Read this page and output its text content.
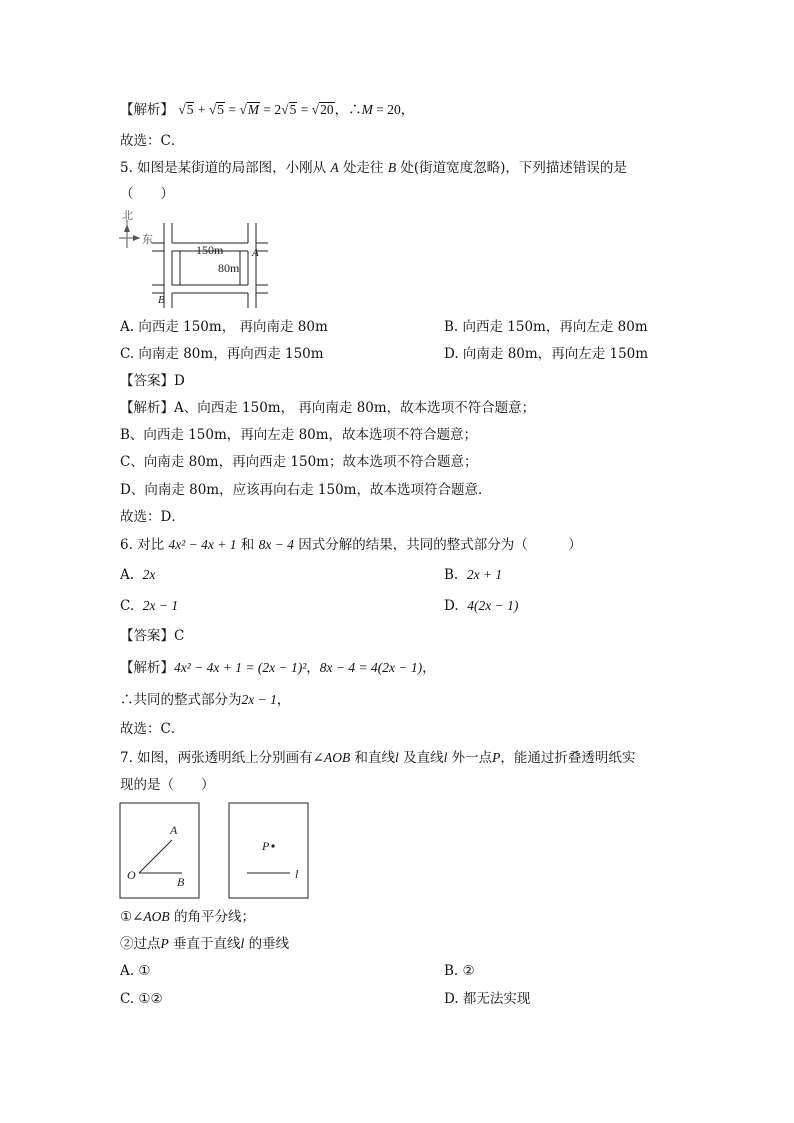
【解析】 √5 + √5 = √M = 2√5 = √20，∴M = 20，
故选：C．
5. 如图是某街道的局部图，小刚从 A 处走往 B 处(街道宽度忽略)，下列描述错误的是
（　　）
北
东
150m
80m
A
B
A. 向西走 150m， 再向南走 80m	B. 向西走 150m，再向左走 80m
C. 向南走 80m，再向西走 150m	D. 向南走 80m，再向左走 150m
【答案】D
【解析】A、向西走 150m， 再向南走 80m，故本选项不符合题意；
B、向西走 150m，再向左走 80m，故本选项不符合题意；
C、向南走 80m，再向西走 150m；故本选项不符合题意；
D、向南走 80m，应该再向右走 150m，故本选项符合题意．
故选：D．
6. 对比 4x² − 4x + 1 和 8x − 4 因式分解的结果，共同的整式部分为（　　　）
A. 2x	B. 2x + 1
C. 2x − 1	D. 4(2x − 1)
【答案】C
【解析】4x² − 4x + 1 = (2x − 1)²，8x − 4 = 4(2x − 1)，
∴共同的整式部分为2x − 1，
故选：C．
7. 如图，两张透明纸上分别画有∠AOB 和直线l 及直线l 外一点P，能通过折叠透明纸实
现的是（　　）
A
O	B
P
l
①∠AOB 的角平分线；
②过点P 垂直于直线l 的垂线
A. ①	B. ②
C. ①②	D. 都无法实现
